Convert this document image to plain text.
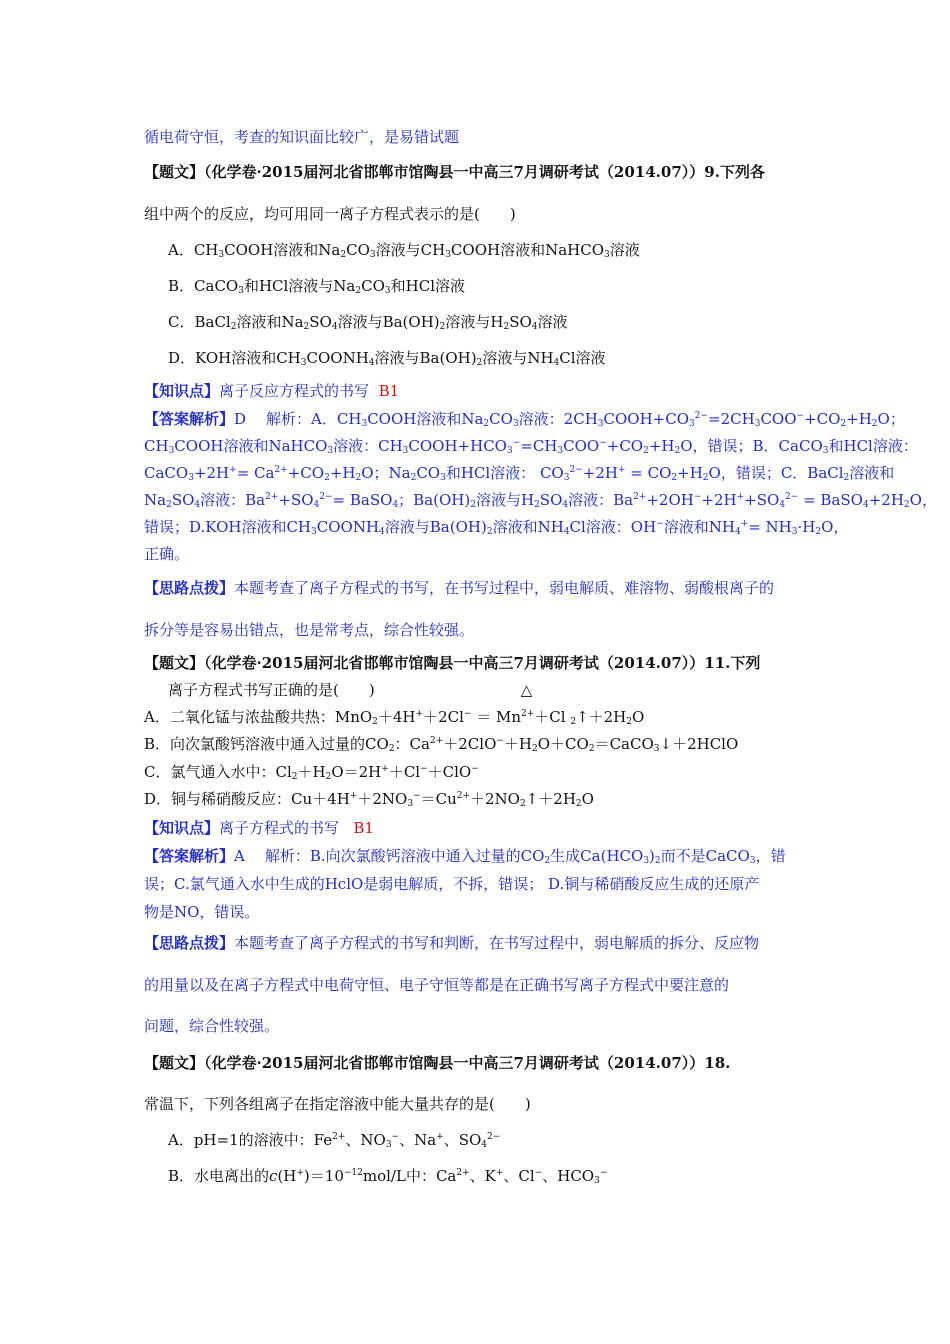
循电荷守恒，考查的知识面比较广，是易错试题
【题文】（化学卷·2015届河北省邯郸市馆陶县一中高三7月调研考试（2014.07））9.下列各
组中两个的反应，均可用同一离子方程式表示的是(　　)
A．$CH_3COOH$溶液和$Na_2CO_3$溶液与$CH_3COOH$溶液和NaHCO$_3$溶液
B．CaCO$_3$和HCl溶液与$Na_2CO_3$和HCl溶液
C．BaCl$_2$溶液和$Na_2SO_4$溶液与$Ba(OH)_2$溶液与$H_2SO_4$溶液
D．KOH溶液和$CH_3COONH_4$溶液与$Ba(OH)_2$溶液与$NH_4Cl$溶液
【知识点】离子反应方程式的书写 B1
【答案解析】D 解析：A．$CH_3COOH$溶液和$Na_2CO_3$溶液：$2CH_3COOH+CO_3^{2-}=2CH_3COO^-+CO_2+H_2O$；
$CH_3COOH$溶液和NaHCO$_3$溶液：$CH_3COOH+HCO_3^-=CH_3COO^-+CO_2+H_2O$，错误；B．CaCO$_3$和HCl溶液：
CaCO$_3$+2H+= $Ca^{2+}+CO_2+H_2O$；$Na_2CO_3$和HCl溶液： $CO_3^{2-}+2H^+ = CO_2+H_2O$，错误；C．BaCl$_2$溶液和
$Na_2SO_4$溶液：$Ba^{2+}+SO_4^{2-}=$ BaSO$_4$；$Ba(OH)_2$溶液与$H_2SO_4$溶液：$Ba^{2+}+2OH^-+2H^++SO_4^{2-}$ = $BaSO_4+2H_2O$，
错误；D.KOH溶液和$CH_3COONH_4$溶液与$Ba(OH)_2$溶液和$NH_4Cl$溶液：OH−溶液和$NH_4^+= NH_3\cdot H_2O$，
正确。
【思路点拨】本题考查了离子方程式的书写，在书写过程中，弱电解质、难溶物、弱酸根离子的
拆分等是容易出错点，也是常考点，综合性较强。
【题文】（化学卷·2015届河北省邯郸市馆陶县一中高三7月调研考试（2014.07））11.下列
离子方程式书写正确的是(　　)	△
A．二氧化锰与浓盐酸共热：$MnO_2+4H^++2Cl^- = Mn^{2+}+Cl$ $_2↑+2H_2O$
B．向次氯酸钙溶液中通入过量的$CO_2$：$Ca^{2+}+2ClO^-+H_2O+CO_2=CaCO_3↓+2HClO$
C．氯气通入水中：$Cl_2+H_2O=2H^++Cl^-+ClO^-$
D．铜与稀硝酸反应：$Cu+4H^++2NO_3^-=Cu^{2+}+2NO_2↑+2H_2O$
【知识点】离子方程式的书写 B1
【答案解析】A 解析：B.向次氯酸钙溶液中通入过量的$CO_2$生成$Ca(HCO_3)_2$而不是CaCO$_3$，错
误；C.氯气通入水中生成的HclO是弱电解质，不拆，错误； D.铜与稀硝酸反应生成的还原产
物是NO，错误。
【思路点拨】本题考查了离子方程式的书写和判断，在书写过程中，弱电解质的拆分、反应物
的用量以及在离子方程式中电荷守恒、电子守恒等都是在正确书写离子方程式中要注意的
问题，综合性较强。
【题文】（化学卷·2015届河北省邯郸市馆陶县一中高三7月调研考试（2014.07））18.
常温下，下列各组离子在指定溶液中能大量共存的是(　　)
A．pH=1的溶液中：$Fe^{2+}$、$NO_3^-$、Na+、$SO_4^{2-}$
B．水电离出的$c(H^+)=10^{-12}mol/L$中：$Ca^{2+}$、K+、Cl−、$HCO_3^-$
